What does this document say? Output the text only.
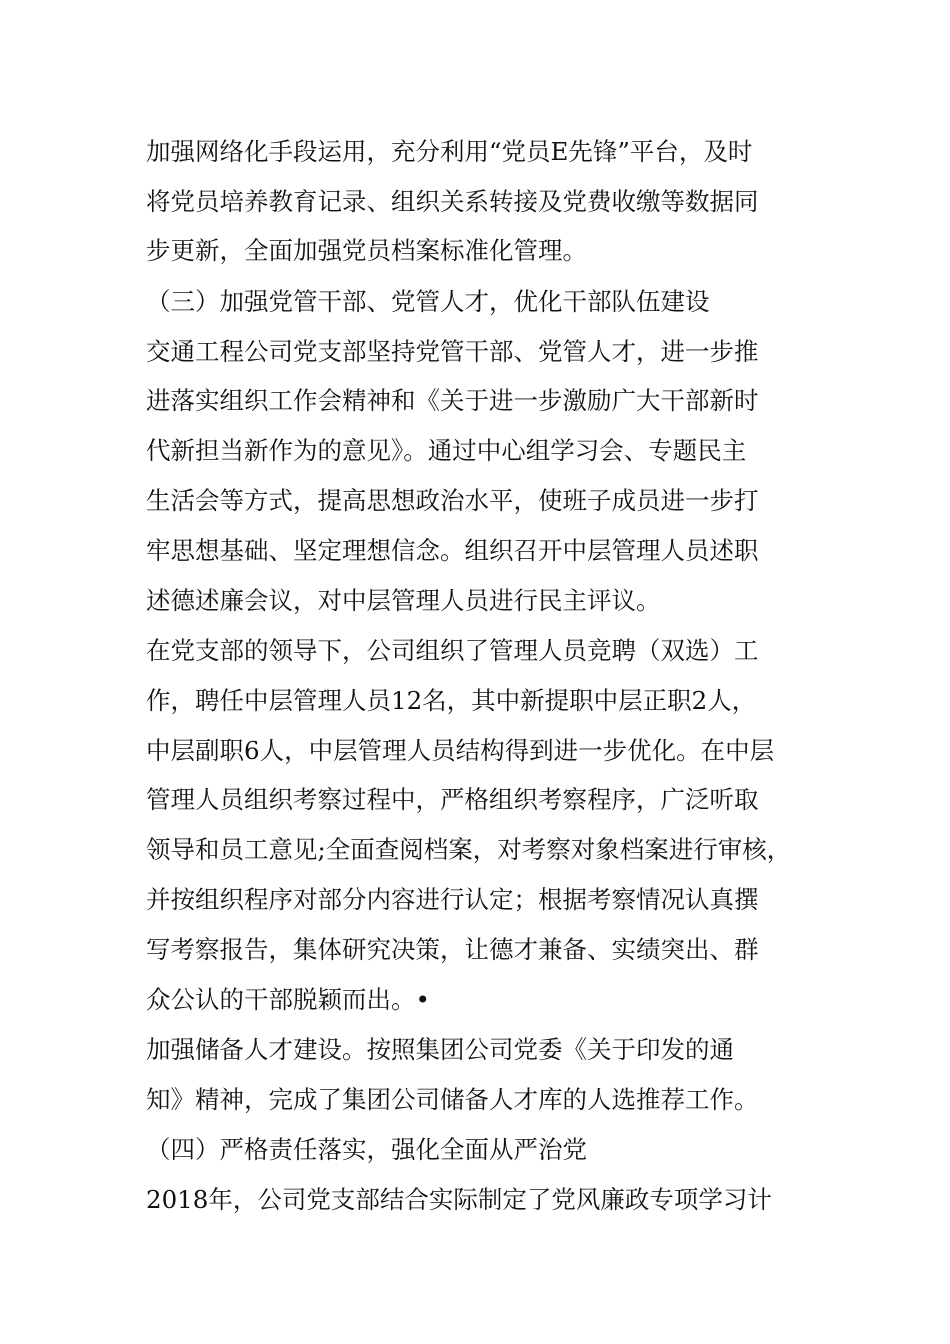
加强网络化手段运用，充分利用“党员E先锋”平台，及时

将党员培养教育记录、组织关系转接及党费收缴等数据同

步更新，全面加强党员档案标准化管理。

（三）加强党管干部、党管人才，优化干部队伍建设

交通工程公司党支部坚持党管干部、党管人才，进一步推

进落实组织工作会精神和《关于进一步激励广大干部新时

代新担当新作为的意见》。通过中心组学习会、专题民主

生活会等方式，提高思想政治水平，使班子成员进一步打

牢思想基础、坚定理想信念。组织召开中层管理人员述职

述德述廉会议，对中层管理人员进行民主评议。

在党支部的领导下，公司组织了管理人员竞聘（双选）工

作，聘任中层管理人员12名，其中新提职中层正职2人，

中层副职6人，中层管理人员结构得到进一步优化。在中层

管理人员组织考察过程中，严格组织考察程序，广泛听取

领导和员工意见;全面查阅档案，对考察对象档案进行审核，

并按组织程序对部分内容进行认定；根据考察情况认真撰

写考察报告，集体研究决策，让德才兼备、实绩突出、群

众公认的干部脱颖而出。•

加强储备人才建设。按照集团公司党委《关于印发的通

知》精神，完成了集团公司储备人才库的人选推荐工作。

（四）严格责任落实，强化全面从严治党

2018年，公司党支部结合实际制定了党风廉政专项学习计
